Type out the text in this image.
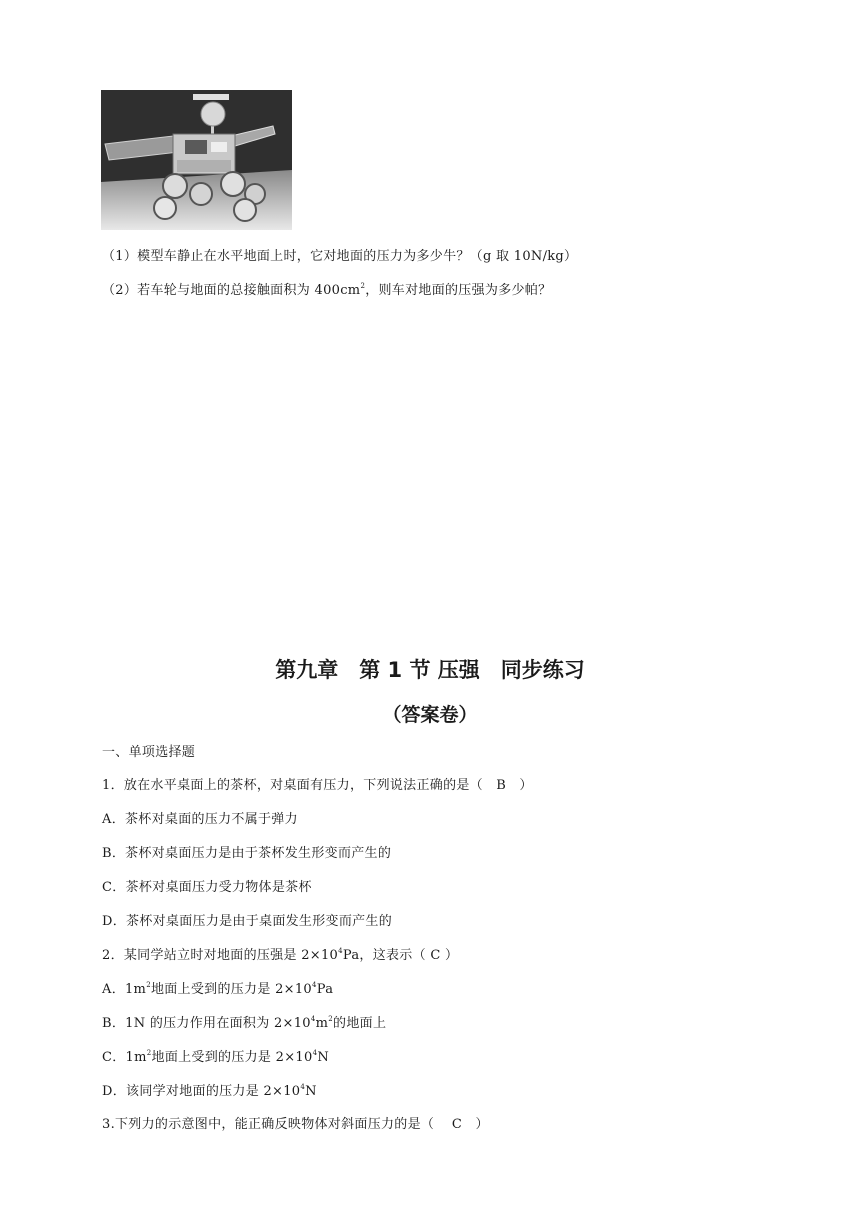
（1）模型车静止在水平地面上时，它对地面的压力为多少牛？（g 取 10N/kg）
（2）若车轮与地面的总接触面积为 $400cm^2$，则车对地面的压强为多少帕？
第九章　第 1 节 压强　同步练习
（答案卷）
一、单项选择题
1．放在水平桌面上的茶杯，对桌面有压力，下列说法正确的是（　B　）
A．茶杯对桌面的压力不属于弹力
B．茶杯对桌面压力是由于茶杯发生形变而产生的
C．茶杯对桌面压力受力物体是茶杯
D．茶杯对桌面压力是由于桌面发生形变而产生的
2．某同学站立时对地面的压强是 $2\times 10^4Pa$，这表示（ C ）
A．$1m^2$地面上受到的压力是 $2\times 10^4Pa$
B．1N 的压力作用在面积为 $2\times 10^4m^2$的地面上
C．$1m^2$地面上受到的压力是 $2\times 10^4N$
D．该同学对地面的压力是 $2\times 10^4N$
3.下列力的示意图中，能正确反映物体对斜面压力的是（　 C　）
